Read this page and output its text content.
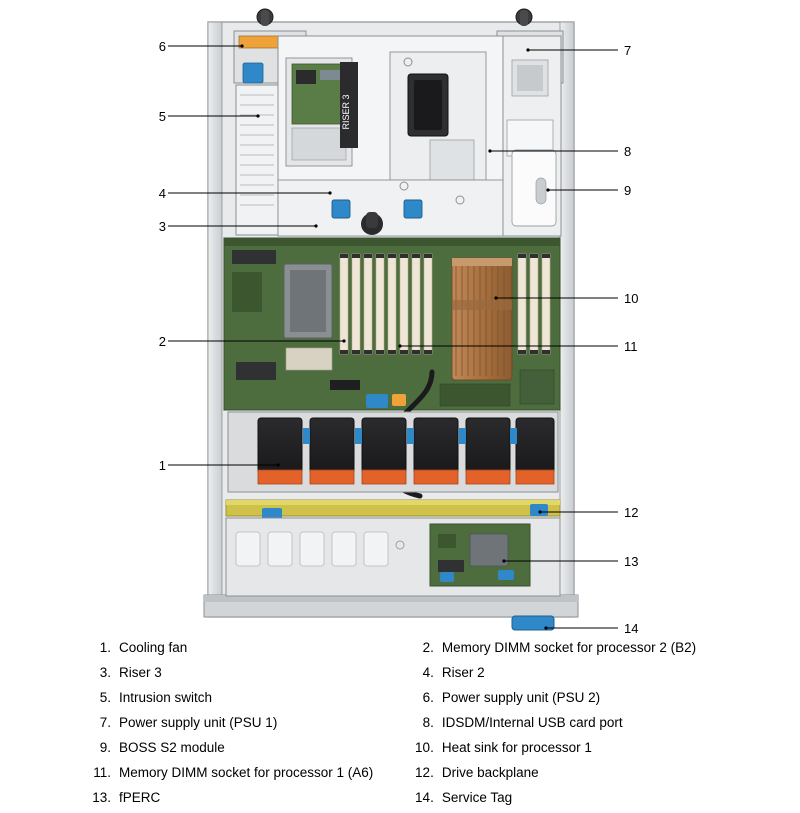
RISER 3
6
5
4
3
2
1
7
8
9
10
11
12
13
14
1. Cooling fan	2. Memory DIMM socket for processor 2 (B2)
3. Riser 3	4. Riser 2
5. Intrusion switch	6. Power supply unit (PSU 2)
7. Power supply unit (PSU 1)	8. IDSDM/Internal USB card port
9. BOSS S2 module	10. Heat sink for processor 1
11. Memory DIMM socket for processor 1 (A6)	12. Drive backplane
13. fPERC	14. Service Tag
